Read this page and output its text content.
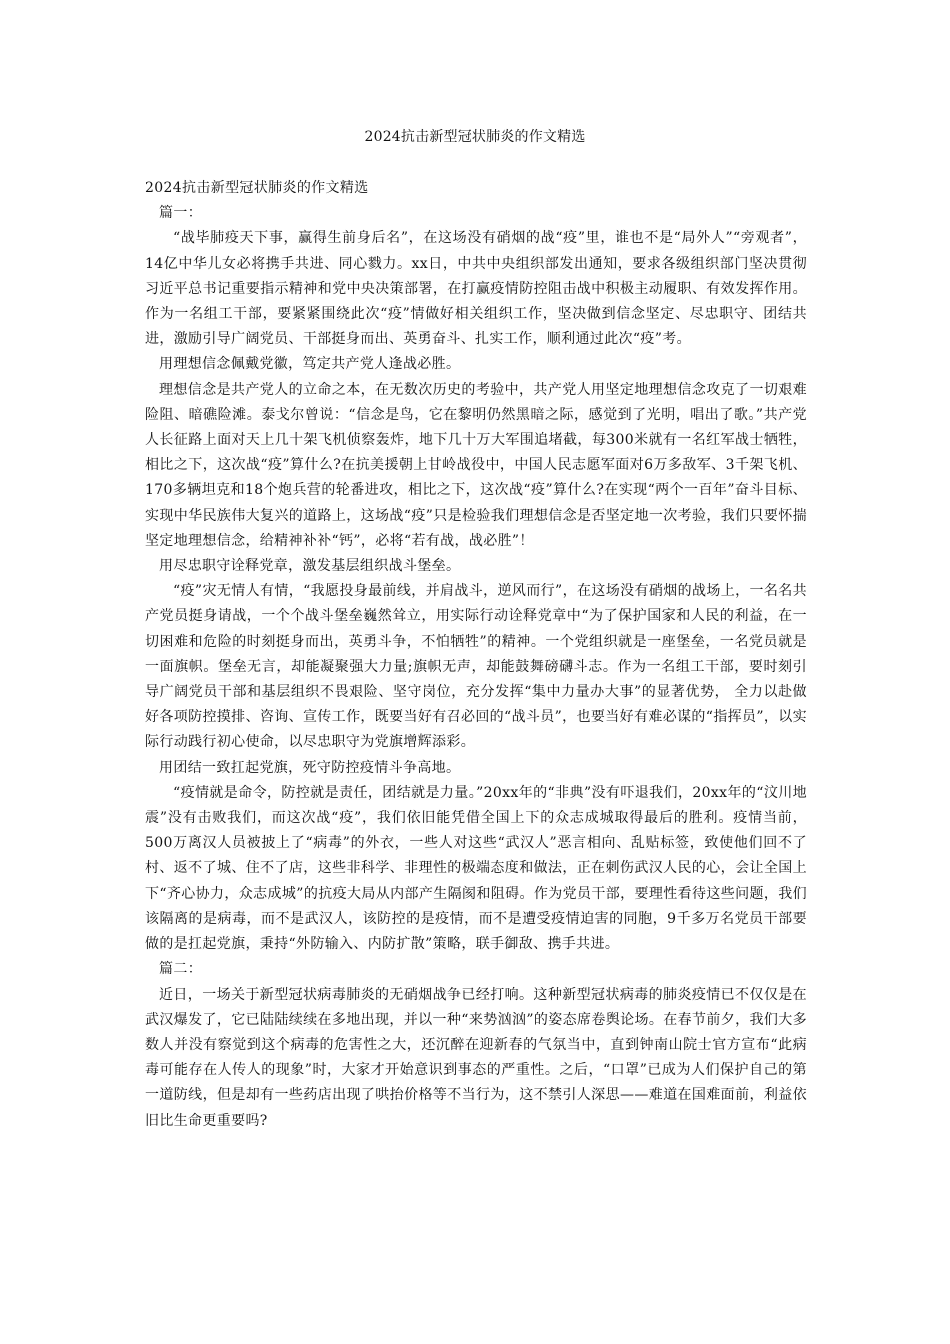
2024抗击新型冠状肺炎的作文精选

2024抗击新型冠状肺炎的作文精选

篇一：

“战毕肺疫天下事，赢得生前身后名”，在这场没有硝烟的战“疫”里，谁也不是“局外人”“旁观者”，14亿中华儿女必将携手共进、同心戮力。xx日，中共中央组织部发出通知，要求各级组织部门坚决贯彻习近平总书记重要指示精神和党中央决策部署，在打赢疫情防控阻击战中积极主动履职、有效发挥作用。作为一名组工干部，要紧紧围绕此次“疫”情做好相关组织工作，坚决做到信念坚定、尽忠职守、团结共进，激励引导广阔党员、干部挺身而出、英勇奋斗、扎实工作，顺利通过此次“疫”考。

用理想信念佩戴党徽，笃定共产党人逢战必胜。

理想信念是共产党人的立命之本，在无数次历史的考验中，共产党人用坚定地理想信念攻克了一切艰难险阻、暗礁险滩。泰戈尔曾说：“信念是鸟，它在黎明仍然黑暗之际，感觉到了光明，唱出了歌。”共产党人长征路上面对天上几十架飞机侦察轰炸，地下几十万大军围追堵截，每300米就有一名红军战士牺牲，相比之下，这次战“疫”算什么?在抗美援朝上甘岭战役中，中国人民志愿军面对6万多敌军、3千架飞机、170多辆坦克和18个炮兵营的轮番进攻，相比之下，这次战“疫”算什么?在实现“两个一百年”奋斗目标、实现中华民族伟大复兴的道路上，这场战“疫”只是检验我们理想信念是否坚定地一次考验，我们只要怀揣坚定地理想信念，给精神补补“钙”，必将“若有战，战必胜”！

用尽忠职守诠释党章，激发基层组织战斗堡垒。

“疫”灾无情人有情，“我愿投身最前线，并肩战斗，逆风而行”，在这场没有硝烟的战场上，一名名共产党员挺身请战，一个个战斗堡垒巍然耸立，用实际行动诠释党章中“为了保护国家和人民的利益，在一切困难和危险的时刻挺身而出，英勇斗争，不怕牺牲”的精神。一个党组织就是一座堡垒，一名党员就是一面旗帜。堡垒无言，却能凝聚强大力量;旗帜无声，却能鼓舞磅礴斗志。作为一名组工干部，要时刻引导广阔党员干部和基层组织不畏艰险、坚守岗位，充分发挥“集中力量办大事”的显著优势， 全力以赴做好各项防控摸排、咨询、宣传工作，既要当好有召必回的“战斗员”，也要当好有难必谋的“指挥员”，以实际行动践行初心使命，以尽忠职守为党旗增辉添彩。

用团结一致扛起党旗，死守防控疫情斗争高地。

“疫情就是命令，防控就是责任，团结就是力量。”20xx年的“非典”没有吓退我们，20xx年的“汶川地震”没有击败我们，而这次战“疫”，我们依旧能凭借全国上下的众志成城取得最后的胜利。疫情当前，500万离汉人员被披上了“病毒”的外衣，一些人对这些“武汉人”恶言相向、乱贴标签，致使他们回不了村、返不了城、住不了店，这些非科学、非理性的极端态度和做法，正在刺伤武汉人民的心，会让全国上下“齐心协力，众志成城”的抗疫大局从内部产生隔阂和阻碍。作为党员干部，要理性看待这些问题，我们该隔离的是病毒，而不是武汉人，该防控的是疫情，而不是遭受疫情迫害的同胞，9千多万名党员干部要做的是扛起党旗，秉持“外防输入、内防扩散”策略，联手御敌、携手共进。

篇二：

近日，一场关于新型冠状病毒肺炎的无硝烟战争已经打响。这种新型冠状病毒的肺炎疫情已不仅仅是在武汉爆发了，它已陆陆续续在多地出现，并以一种“来势汹汹”的姿态席卷舆论场。在春节前夕，我们大多数人并没有察觉到这个病毒的危害性之大，还沉醉在迎新春的气氛当中，直到钟南山院士官方宣布“此病毒可能存在人传人的现象”时，大家才开始意识到事态的严重性。之后，“口罩”已成为人们保护自己的第一道防线，但是却有一些药店出现了哄抬价格等不当行为，这不禁引人深思——难道在国难面前，利益依旧比生命更重要吗?
